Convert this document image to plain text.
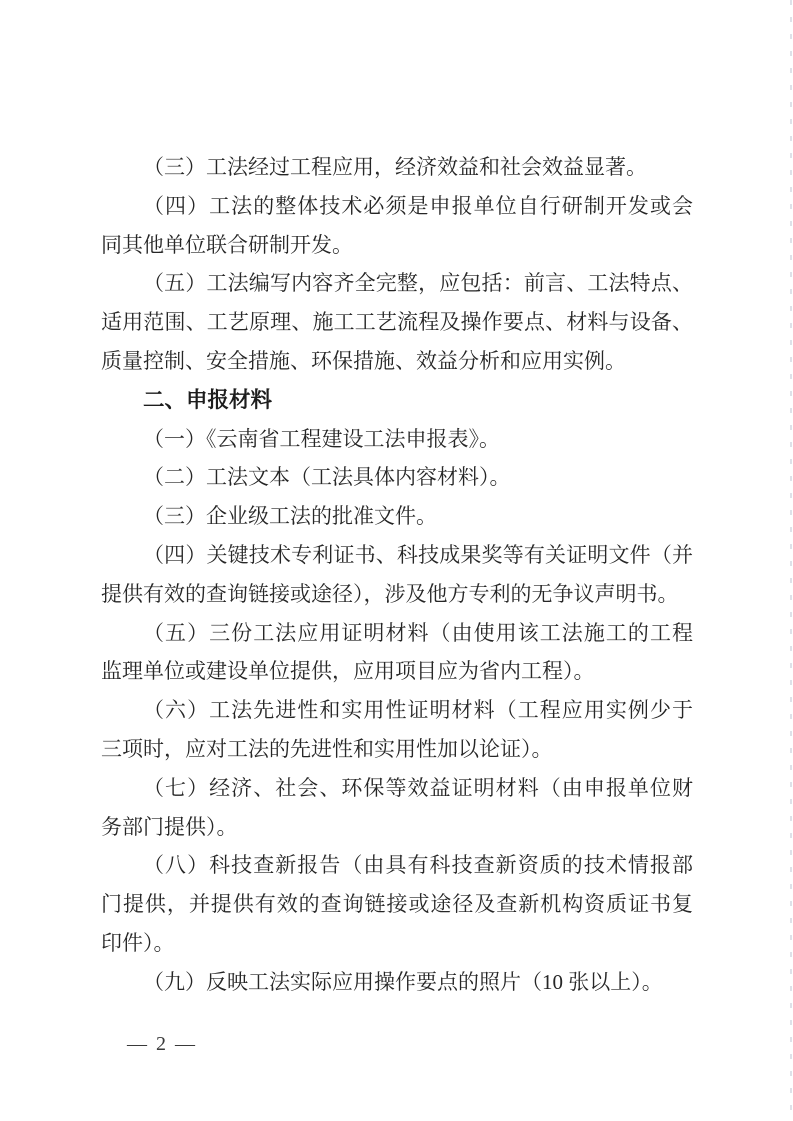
（三）工法经过工程应用，经济效益和社会效益显著。
（四）工法的整体技术必须是申报单位自行研制开发或会
同其他单位联合研制开发。
（五）工法编写内容齐全完整，应包括：前言、工法特点、
适用范围、工艺原理、施工工艺流程及操作要点、材料与设备、
质量控制、安全措施、环保措施、效益分析和应用实例。
二、申报材料
（一）《云南省工程建设工法申报表》。
（二）工法文本（工法具体内容材料）。
（三）企业级工法的批准文件。
（四）关键技术专利证书、科技成果奖等有关证明文件（并
提供有效的查询链接或途径），涉及他方专利的无争议声明书。
（五）三份工法应用证明材料（由使用该工法施工的工程
监理单位或建设单位提供，应用项目应为省内工程）。
（六）工法先进性和实用性证明材料（工程应用实例少于
三项时，应对工法的先进性和实用性加以论证）。
（七）经济、社会、环保等效益证明材料（由申报单位财
务部门提供）。
（八）科技查新报告（由具有科技查新资质的技术情报部
门提供，并提供有效的查询链接或途径及查新机构资质证书复
印件）。
（九）反映工法实际应用操作要点的照片（10 张以上）。
— 2 —
